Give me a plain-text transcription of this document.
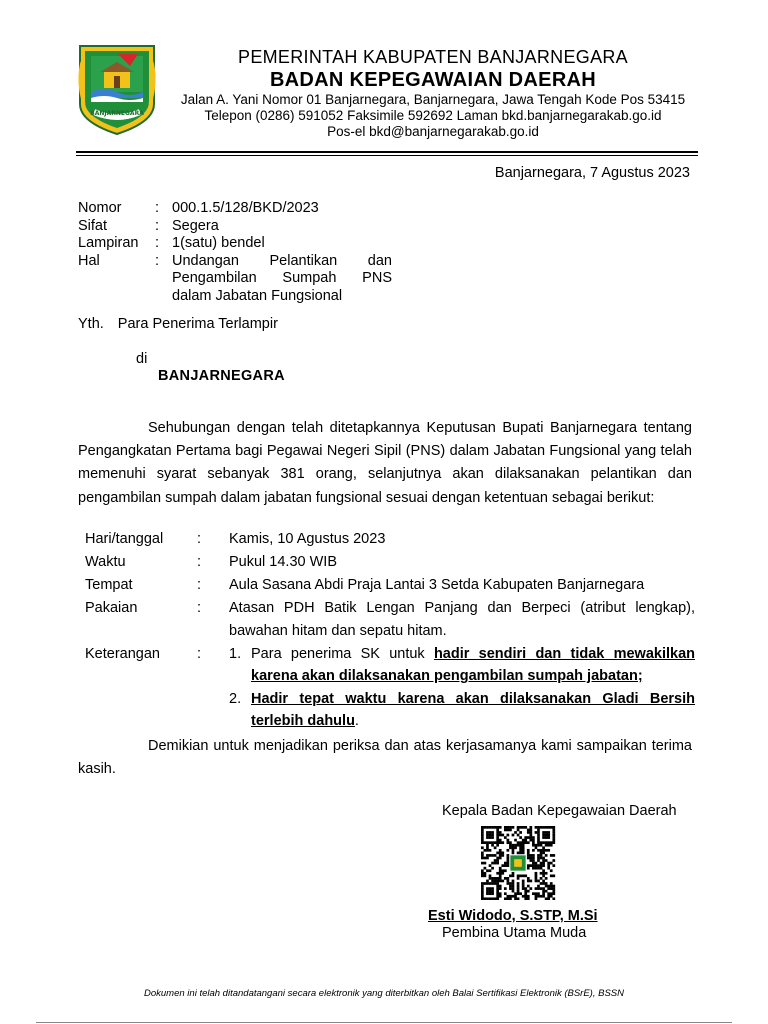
BANJARNEGARA
PEMERINTAH KABUPATEN BANJARNEGARA
BADAN KEPEGAWAIAN DAERAH
Jalan A. Yani Nomor 01 Banjarnegara, Banjarnegara, Jawa Tengah Kode Pos 53415
Telepon (0286) 591052 Faksimile 592692 Laman bkd.banjarnegarakab.go.id
Pos-el bkd@banjarnegarakab.go.id
Banjarnegara, 7 Agustus 2023
Nomor	: 000.1.5/128/BKD/2023
Sifat	: Segera
Lampiran	: 1(satu) bendel
Hal	: Undangan Pelantikan dan
Pengambilan Sumpah PNS
dalam Jabatan Fungsional
Yth. Para Penerima Terlampir
di
BANJARNEGARA
Sehubungan dengan telah ditetapkannya Keputusan Bupati Banjarnegara tentang Pengangkatan Pertama bagi Pegawai Negeri Sipil (PNS) dalam Jabatan Fungsional yang telah memenuhi syarat sebanyak 381 orang, selanjutnya akan dilaksanakan pelantikan dan pengambilan sumpah dalam jabatan fungsional sesuai dengan ketentuan sebagai berikut:
Hari/tanggal	:	Kamis, 10 Agustus 2023
Waktu	:	Pukul 14.30 WIB
Tempat	:	Aula Sasana Abdi Praja Lantai 3 Setda Kabupaten Banjarnegara
Pakaian	:	Atasan PDH Batik Lengan Panjang dan Berpeci (atribut lengkap), bawahan hitam dan sepatu hitam.
Keterangan	:	1. Para penerima SK untuk hadir sendiri dan tidak mewakilkan karena akan dilaksanakan pengambilan sumpah jabatan;
2. Hadir tepat waktu karena akan dilaksanakan Gladi Bersih terlebih dahulu.
Demikian untuk menjadikan periksa dan atas kerjasamanya kami sampaikan terima kasih.
Kepala Badan Kepegawaian Daerah
Esti Widodo, S.STP, M.Si
Pembina Utama Muda
Dokumen ini telah ditandatangani secara elektronik yang diterbitkan oleh Balai Sertifikasi Elektronik (BSrE), BSSN
